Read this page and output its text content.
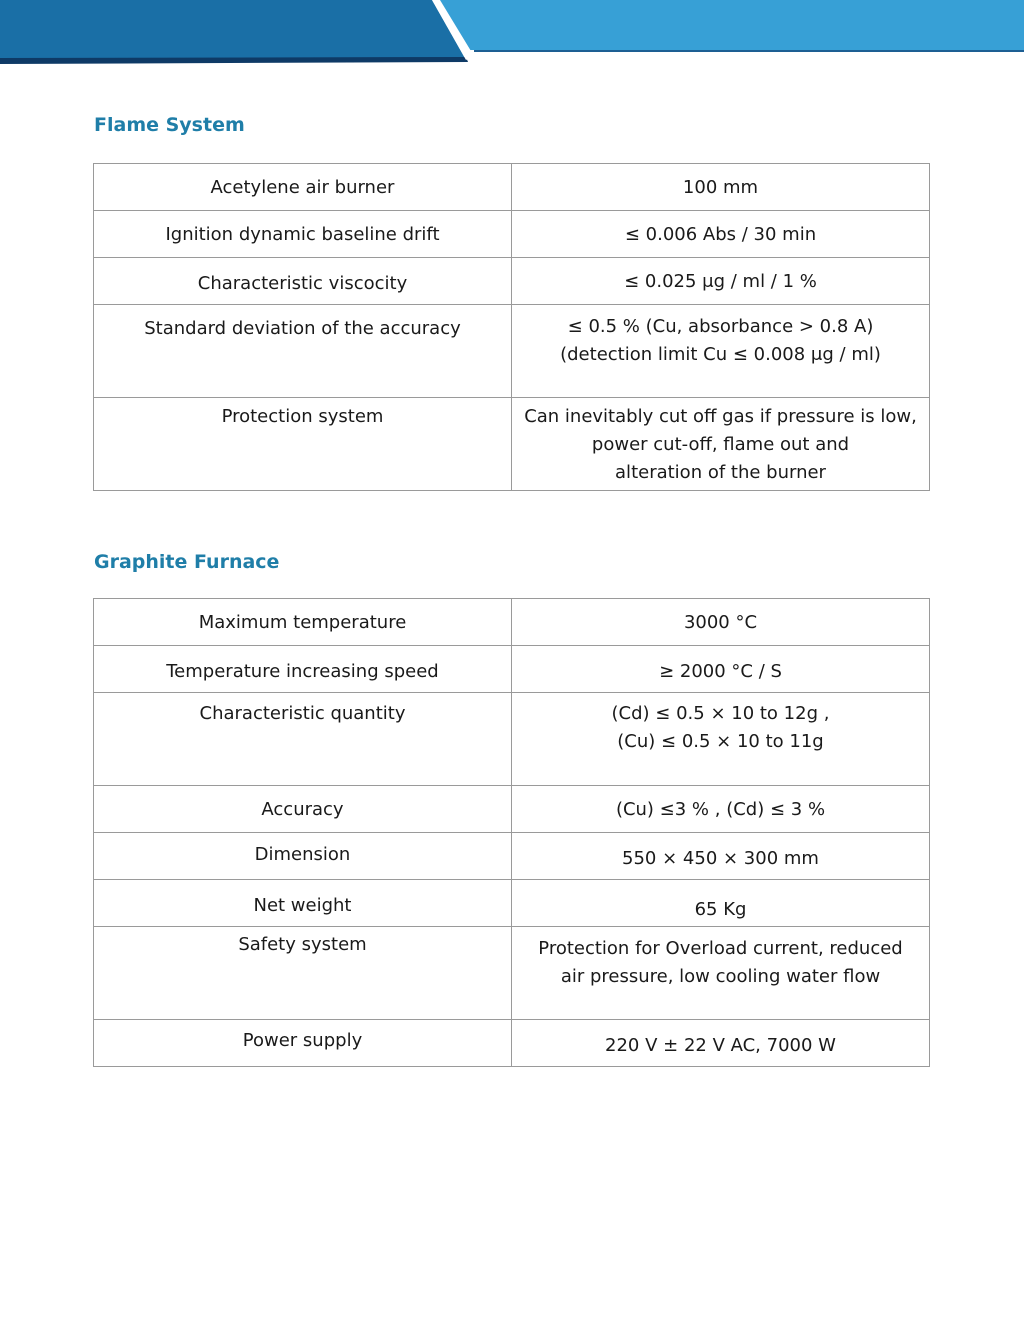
Flame System
Acetylene air burner	100 mm

Ignition dynamic baseline drift	≤ 0.006 Abs / 30 min

Characteristic viscocity	≤ 0.025 μg / ml / 1 %

Standard deviation of the accuracy	≤ 0.5 % (Cu, absorbance > 0.8 A)
(detection limit Cu ≤ 0.008 μg / ml)

Protection system	Can inevitably cut off gas if pressure is low,
power cut-off, flame out and
alteration of the burner
Graphite Furnace
Maximum temperature	3000 °C

Temperature increasing speed	≥ 2000 °C / S

Characteristic quantity	(Cd) ≤ 0.5 × 10 to 12g ,
(Cu) ≤ 0.5 × 10 to 11g

Accuracy	(Cu) ≤3 % , (Cd) ≤ 3 %

Dimension	550 × 450 × 300 mm

Net weight	65 Kg

Safety system	Protection for Overload current, reduced
air pressure, low cooling water flow

Power supply	220 V ± 22 V AC, 7000 W
